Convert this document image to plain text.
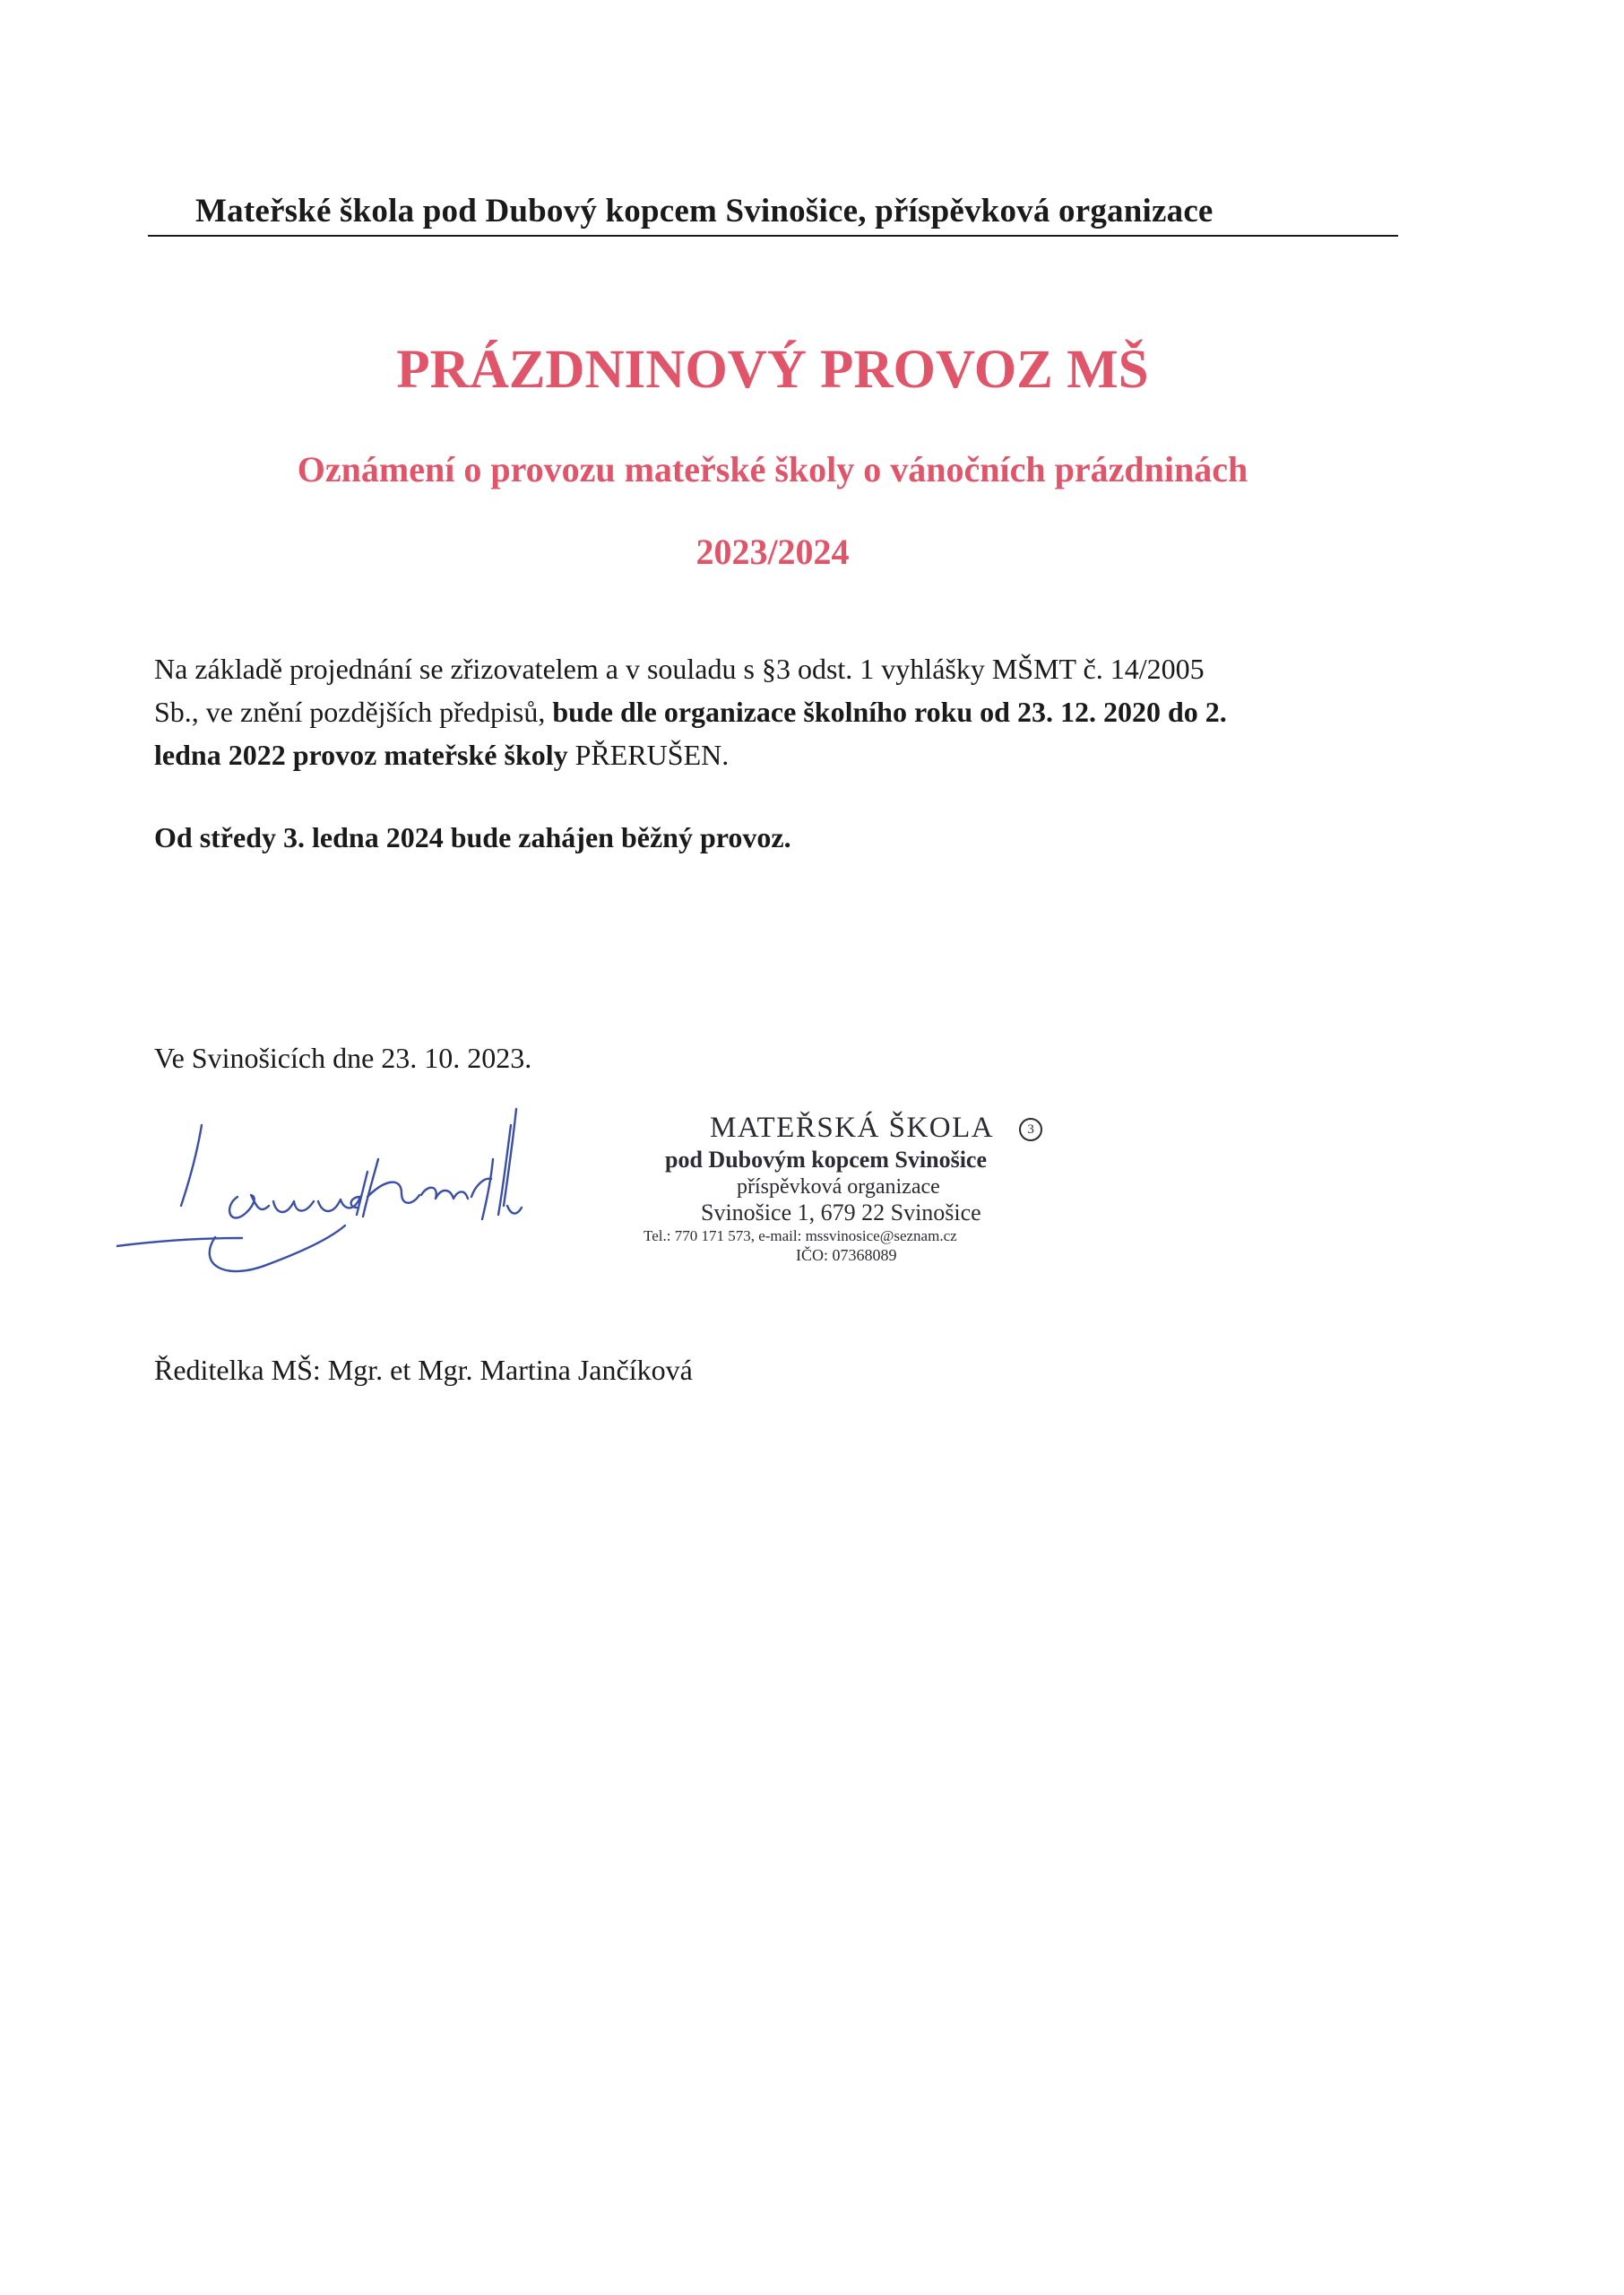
Mateřské škola pod Dubový kopcem Svinošice, příspěvková organizace
PRÁZDNINOVÝ PROVOZ MŠ
Oznámení o provozu mateřské školy o vánočních prázdninách
2023/2024
Na základě projednání se zřizovatelem a v souladu s §3 odst. 1 vyhlášky MŠMT č. 14/2005
Sb., ve znění pozdějších předpisů, bude dle organizace školního roku od 23. 12. 2020 do 2.
ledna 2022 provoz mateřské školy PŘERUŠEN.
Od středy 3. ledna 2024 bude zahájen běžný provoz.
Ve Svinošicích dne 23. 10. 2023.
MATEŘSKÁ ŠKOLA 3
pod Dubovým kopcem Svinošice
příspěvková organizace
Svinošice 1, 679 22 Svinošice
Tel.: 770 171 573, e-mail: mssvinosice@seznam.cz
IČO: 07368089
Ředitelka MŠ: Mgr. et Mgr. Martina Jančíková
